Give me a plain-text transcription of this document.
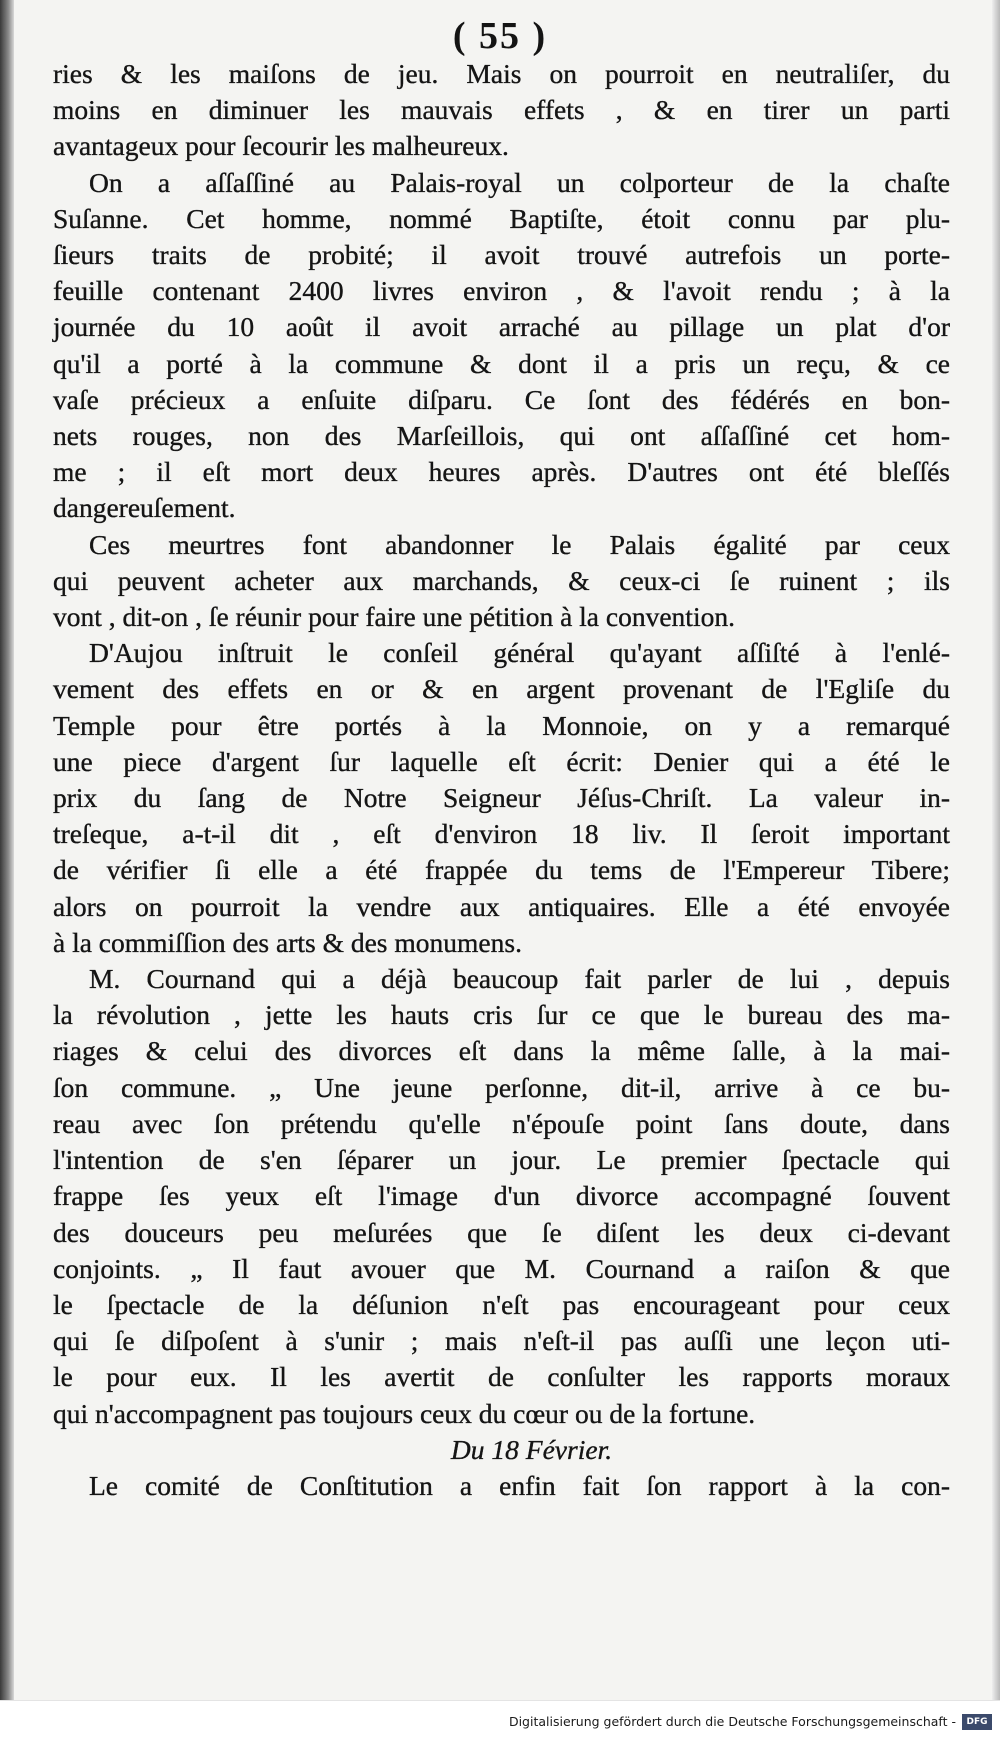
( 55 )
ries & les maiſons de jeu. Mais on pourroit en neutraliſer, du
moins en diminuer les mauvais effets , & en tirer un parti
avantageux pour ſecourir les malheureux.
On a aſſaſſiné au Palais-royal un colporteur de la chaſte
Suſanne. Cet homme, nommé Baptiſte, étoit connu par plu-
ſieurs traits de probité; il avoit trouvé autrefois un porte-
feuille contenant 2400 livres environ , & l'avoit rendu ; à la
journée du 10 août il avoit arraché au pillage un plat d'or
qu'il a porté à la commune & dont il a pris un reçu, & ce
vaſe précieux a enſuite diſparu. Ce ſont des fédérés en bon-
nets rouges, non des Marſeillois, qui ont aſſaſſiné cet hom-
me ; il eſt mort deux heures après. D'autres ont été bleſſés
dangereuſement.
Ces meurtres font abandonner le Palais égalité par ceux
qui peuvent acheter aux marchands, & ceux-ci ſe ruinent ; ils
vont , dit-on , ſe réunir pour faire une pétition à la convention.
D'Aujou inſtruit le conſeil général qu'ayant aſſiſté à l'enlé-
vement des effets en or & en argent provenant de l'Egliſe du
Temple pour être portés à la Monnoie, on y a remarqué
une piece d'argent ſur laquelle eſt écrit: Denier qui a été le
prix du ſang de Notre Seigneur Jéſus-Chriſt. La valeur in-
treſeque, a-t-il dit , eſt d'environ 18 liv. Il ſeroit important
de vérifier ſi elle a été frappée du tems de l'Empereur Tibere;
alors on pourroit la vendre aux antiquaires. Elle a été envoyée
à la commiſſion des arts & des monumens.
M. Cournand qui a déjà beaucoup fait parler de lui , depuis
la révolution , jette les hauts cris ſur ce que le bureau des ma-
riages & celui des divorces eſt dans la même ſalle, à la mai-
ſon commune. „ Une jeune perſonne, dit-il, arrive à ce bu-
reau avec ſon prétendu qu'elle n'épouſe point ſans doute, dans
l'intention de s'en ſéparer un jour. Le premier ſpectacle qui
frappe ſes yeux eſt l'image d'un divorce accompagné ſouvent
des douceurs peu meſurées que ſe diſent les deux ci-devant
conjoints. „ Il faut avouer que M. Cournand a raiſon & que
le ſpectacle de la déſunion n'eſt pas encourageant pour ceux
qui ſe diſpoſent à s'unir ; mais n'eſt-il pas auſſi une leçon uti-
le pour eux. Il les avertit de conſulter les rapports moraux
qui n'accompagnent pas toujours ceux du cœur ou de la fortune.

Du 18 Février.

Le comité de Conſtitution a enfin fait ſon rapport à la con-
Digitalisierung gefördert durch die Deutsche Forschungsgemeinschaft -	DFG
